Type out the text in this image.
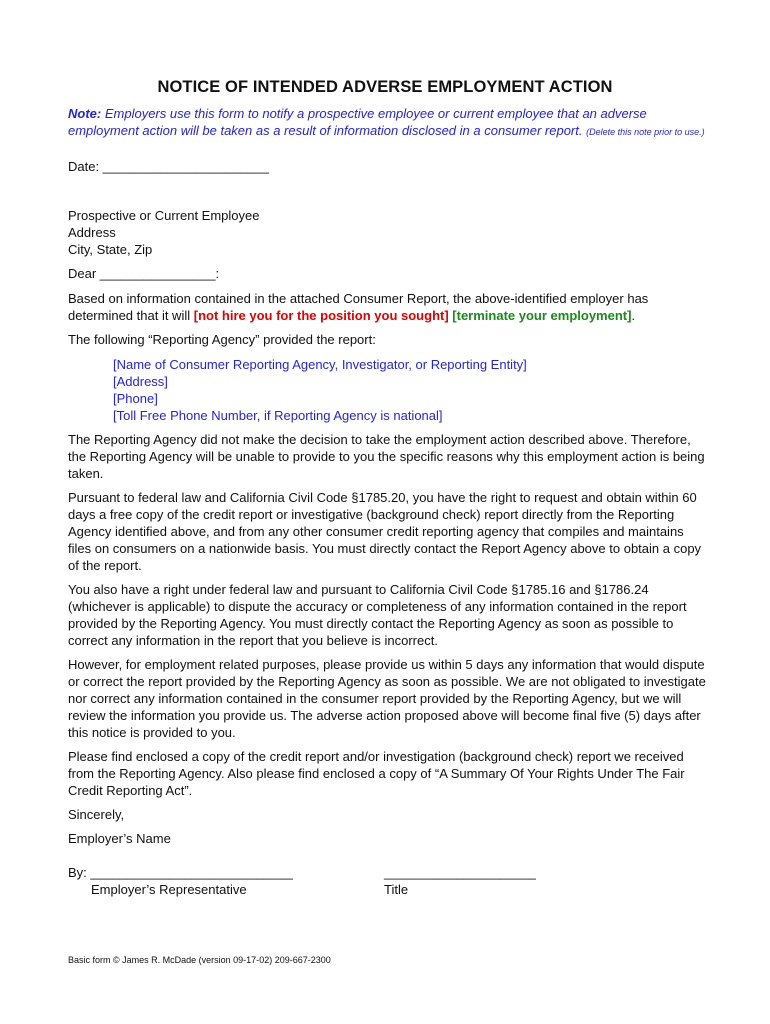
NOTICE OF INTENDED ADVERSE EMPLOYMENT ACTION
Note: Employers use this form to notify a prospective employee or current employee that an adverse employment action will be taken as a result of information disclosed in a consumer report. (Delete this note prior to use.)
Date: _______________________
Prospective or Current Employee
Address
City, State, Zip
Dear ________________:
Based on information contained in the attached Consumer Report, the above-identified employer has determined that it will [not hire you for the position you sought] [terminate your employment].
The following “Reporting Agency” provided the report:
[Name of Consumer Reporting Agency, Investigator, or Reporting Entity]
[Address]
[Phone]
[Toll Free Phone Number, if Reporting Agency is national]
The Reporting Agency did not make the decision to take the employment action described above. Therefore, the Reporting Agency will be unable to provide to you the specific reasons why this employment action is being taken.
Pursuant to federal law and California Civil Code §1785.20, you have the right to request and obtain within 60 days a free copy of the credit report or investigative (background check) report directly from the Reporting Agency identified above, and from any other consumer credit reporting agency that compiles and maintains files on consumers on a nationwide basis. You must directly contact the Report Agency above to obtain a copy of the report.
You also have a right under federal law and pursuant to California Civil Code §1785.16 and §1786.24 (whichever is applicable) to dispute the accuracy or completeness of any information contained in the report provided by the Reporting Agency. You must directly contact the Reporting Agency as soon as possible to correct any information in the report that you believe is incorrect.
However, for employment related purposes, please provide us within 5 days any information that would dispute or correct the report provided by the Reporting Agency as soon as possible. We are not obligated to investigate nor correct any information contained in the consumer report provided by the Reporting Agency, but we will review the information you provide us. The adverse action proposed above will become final five (5) days after this notice is provided to you.
Please find enclosed a copy of the credit report and/or investigation (background check) report we received from the Reporting Agency. Also please find enclosed a copy of “A Summary Of Your Rights Under The Fair Credit Reporting Act”.
Sincerely,
Employer’s Name
By: ____________________________	_____________________
Employer’s Representative	Title
Basic form © James R. McDade (version 09-17-02) 209-667-2300
